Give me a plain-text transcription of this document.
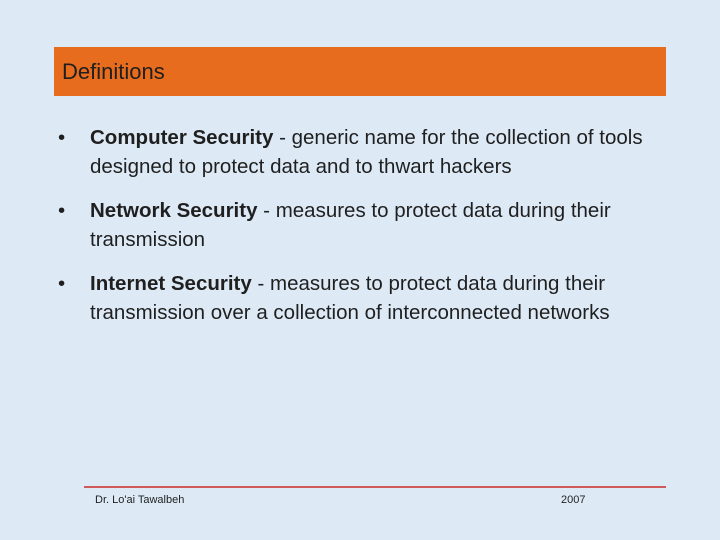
Definitions
•	Computer Security - generic name for the collection of tools designed to protect data and to thwart hackers
•	Network Security - measures to protect data during their transmission
•	Internet Security - measures to protect data during their transmission over a collection of interconnected networks
Dr. Lo'ai Tawalbeh	2007
